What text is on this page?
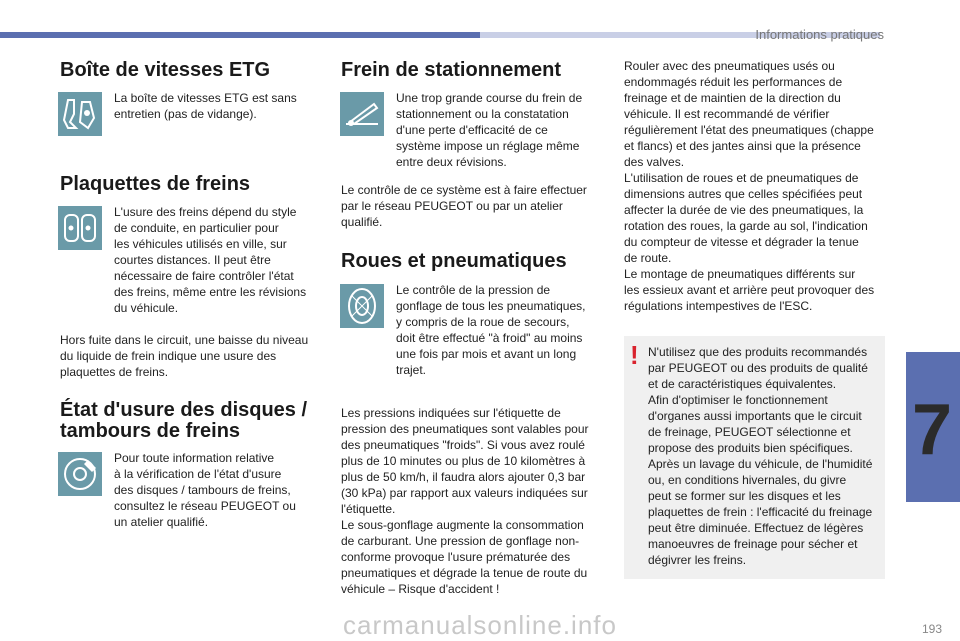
Informations pratiques
7
carmanualsonline.info	193
Boîte de vitesses ETG

La boîte de vitesses ETG est sans

entretien (pas de vidange).

Plaquettes de freins

L'usure des freins dépend du style

de conduite, en particulier pour

les véhicules utilisés en ville, sur

courtes distances. Il peut être

nécessaire de faire contrôler l'état

des freins, même entre les révisions

du véhicule.

Hors fuite dans le circuit, une baisse du niveau

du liquide de frein indique une usure des

plaquettes de freins.

État d'usure des disques /
tambours de freins

Pour toute information relative

à la vérification de l'état d'usure

des disques / tambours de freins,

consultez le réseau PEUGEOT ou

un atelier qualifié.

Frein de stationnement

Une trop grande course du frein de

stationnement ou la constatation

d'une perte d'efficacité de ce

système impose un réglage même

entre deux révisions.

Le contrôle de ce système est à faire effectuer

par le réseau PEUGEOT ou par un atelier

qualifié.

Roues et pneumatiques

Le contrôle de la pression de

gonflage de tous les pneumatiques,

y compris de la roue de secours,

doit être effectué "à froid" au moins

une fois par mois et avant un long

trajet.

Les pressions indiquées sur l'étiquette de

pression des pneumatiques sont valables pour

des pneumatiques "froids". Si vous avez roulé

plus de 10 minutes ou plus de 10 kilomètres à

plus de 50 km/h, il faudra alors ajouter 0,3 bar

(30 kPa) par rapport aux valeurs indiquées sur

l'étiquette.

Le sous-gonflage augmente la consommation

de carburant. Une pression de gonflage non-

conforme provoque l'usure prématurée des

pneumatiques et dégrade la tenue de route du

véhicule – Risque d'accident !

Rouler avec des pneumatiques usés ou

endommagés réduit les performances de

freinage et de maintien de la direction du

véhicule. Il est recommandé de vérifier

régulièrement l'état des pneumatiques (chappe

et flancs) et des jantes ainsi que la présence

des valves.

L'utilisation de roues et de pneumatiques de

dimensions autres que celles spécifiées peut

affecter la durée de vie des pneumatiques, la

rotation des roues, la garde au sol, l'indication

du compteur de vitesse et dégrader la tenue

de route.

Le montage de pneumatiques différents sur

les essieux avant et arrière peut provoquer des

régulations intempestives de l'ESC.

! N'utilisez que des produits recommandés

par PEUGEOT ou des produits de qualité

et de caractéristiques équivalentes.

Afin d'optimiser le fonctionnement

d'organes aussi importants que le circuit

de freinage, PEUGEOT sélectionne et

propose des produits bien spécifiques.

Après un lavage du véhicule, de l'humidité

ou, en conditions hivernales, du givre

peut se former sur les disques et les

plaquettes de frein : l'efficacité du freinage

peut être diminuée. Effectuez de légères

manoeuvres de freinage pour sécher et

dégivrer les freins.
